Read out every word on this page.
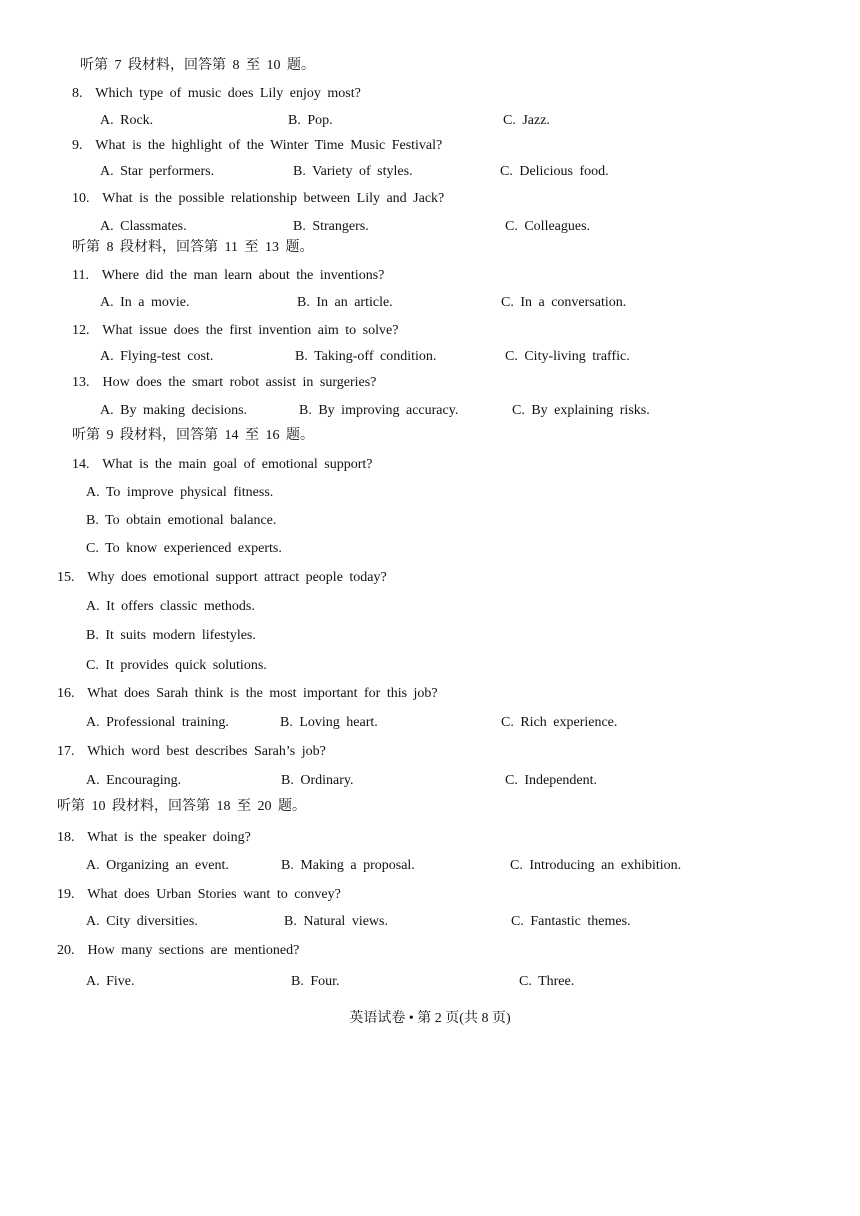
听第 7 段材料，回答第 8 至 10 题。
8. Which type of music does Lily enjoy most?
A. Rock.	B. Pop.	C. Jazz.
9. What is the highlight of the Winter Time Music Festival?
A. Star performers.	B. Variety of styles.	C. Delicious food.
10. What is the possible relationship between Lily and Jack?
A. Classmates.	B. Strangers.	C. Colleagues.
听第 8 段材料，回答第 11 至 13 题。
11. Where did the man learn about the inventions?
A. In a movie.	B. In an article.	C. In a conversation.
12. What issue does the first invention aim to solve?
A. Flying-test cost.	B. Taking-off condition.	C. City-living traffic.
13. How does the smart robot assist in surgeries?
A. By making decisions.	B. By improving accuracy.	C. By explaining risks.
听第 9 段材料，回答第 14 至 16 题。
14. What is the main goal of emotional support?
A. To improve physical fitness.
B. To obtain emotional balance.
C. To know experienced experts.
15. Why does emotional support attract people today?
A. It offers classic methods.
B. It suits modern lifestyles.
C. It provides quick solutions.
16. What does Sarah think is the most important for this job?
A. Professional training.	B. Loving heart.	C. Rich experience.
17. Which word best describes Sarah’s job?
A. Encouraging.	B. Ordinary.	C. Independent.
听第 10 段材料，回答第 18 至 20 题。
18. What is the speaker doing?
A. Organizing an event.	B. Making a proposal.	C. Introducing an exhibition.
19. What does Urban Stories want to convey?
A. City diversities.	B. Natural views.	C. Fantastic themes.
20. How many sections are mentioned?
A. Five.	B. Four.	C. Three.
英语试卷 • 第 2 页(共 8 页)
